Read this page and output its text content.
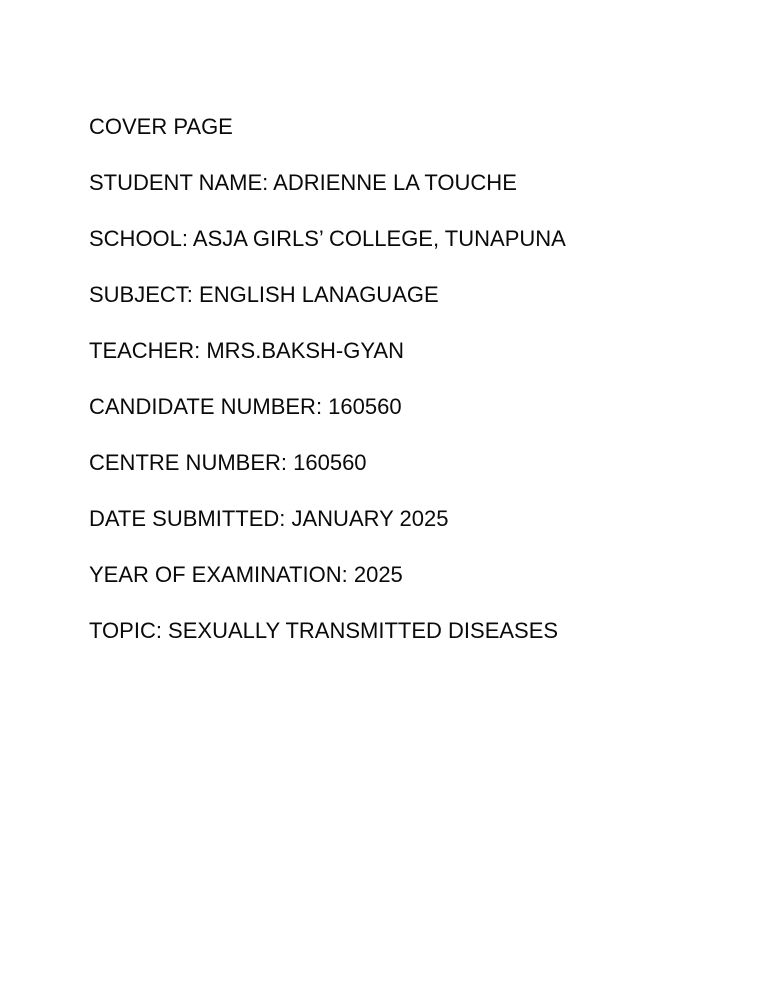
COVER PAGE

STUDENT NAME: ADRIENNE LA TOUCHE

SCHOOL: ASJA GIRLS’ COLLEGE, TUNAPUNA

SUBJECT: ENGLISH LANAGUAGE

TEACHER: MRS.BAKSH-GYAN

CANDIDATE NUMBER: 160560

CENTRE NUMBER: 160560

DATE SUBMITTED: JANUARY 2025

YEAR OF EXAMINATION: 2025

TOPIC: SEXUALLY TRANSMITTED DISEASES
